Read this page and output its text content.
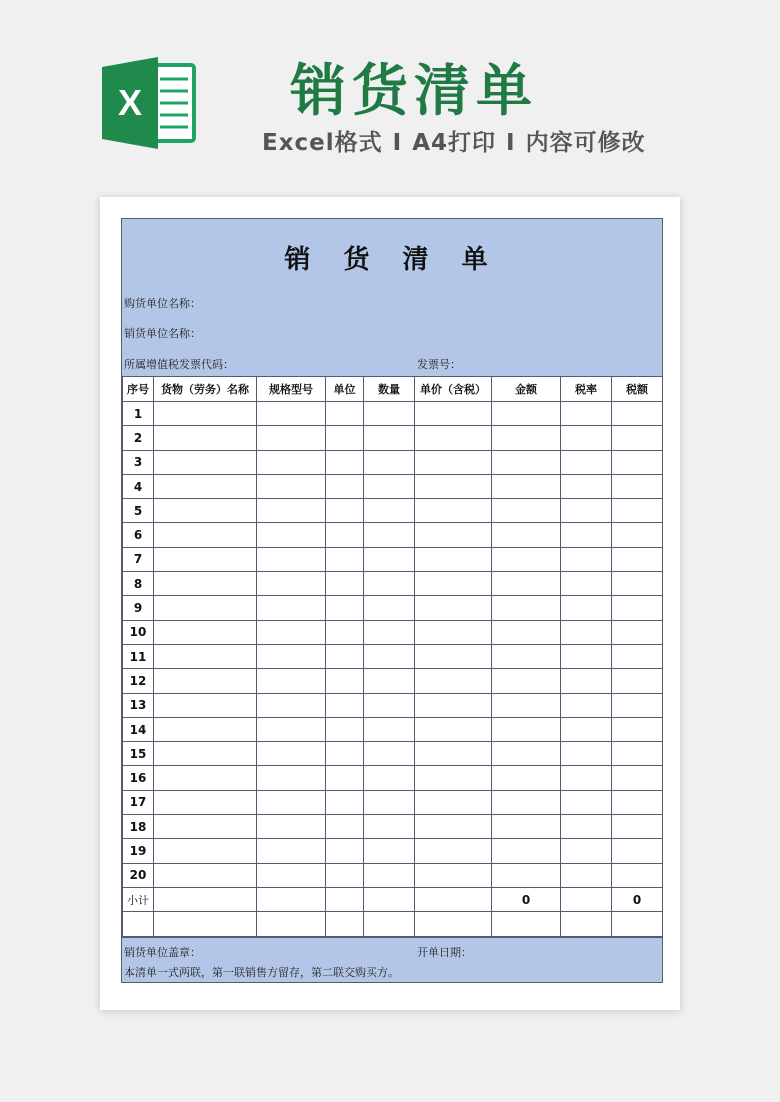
X	销货清单
Excel格式 I A4打印 I 内容可修改
销 货 清 单
购货单位名称：
销货单位名称：
所属增值税发票代码：	发票号：
序号	货物（劳务）名称	规格型号	单位	数量	单价（含税）	金额	税率	税额
1								
2								
3								
4								
5								
6								
7								
8								
9								
10								
11								
12								
13								
14								
15								
16								
17								
18								
19								
20								
小计						0		0

销货单位盖章：	开单日期：
本清单一式两联，第一联销售方留存，第二联交购买方。
